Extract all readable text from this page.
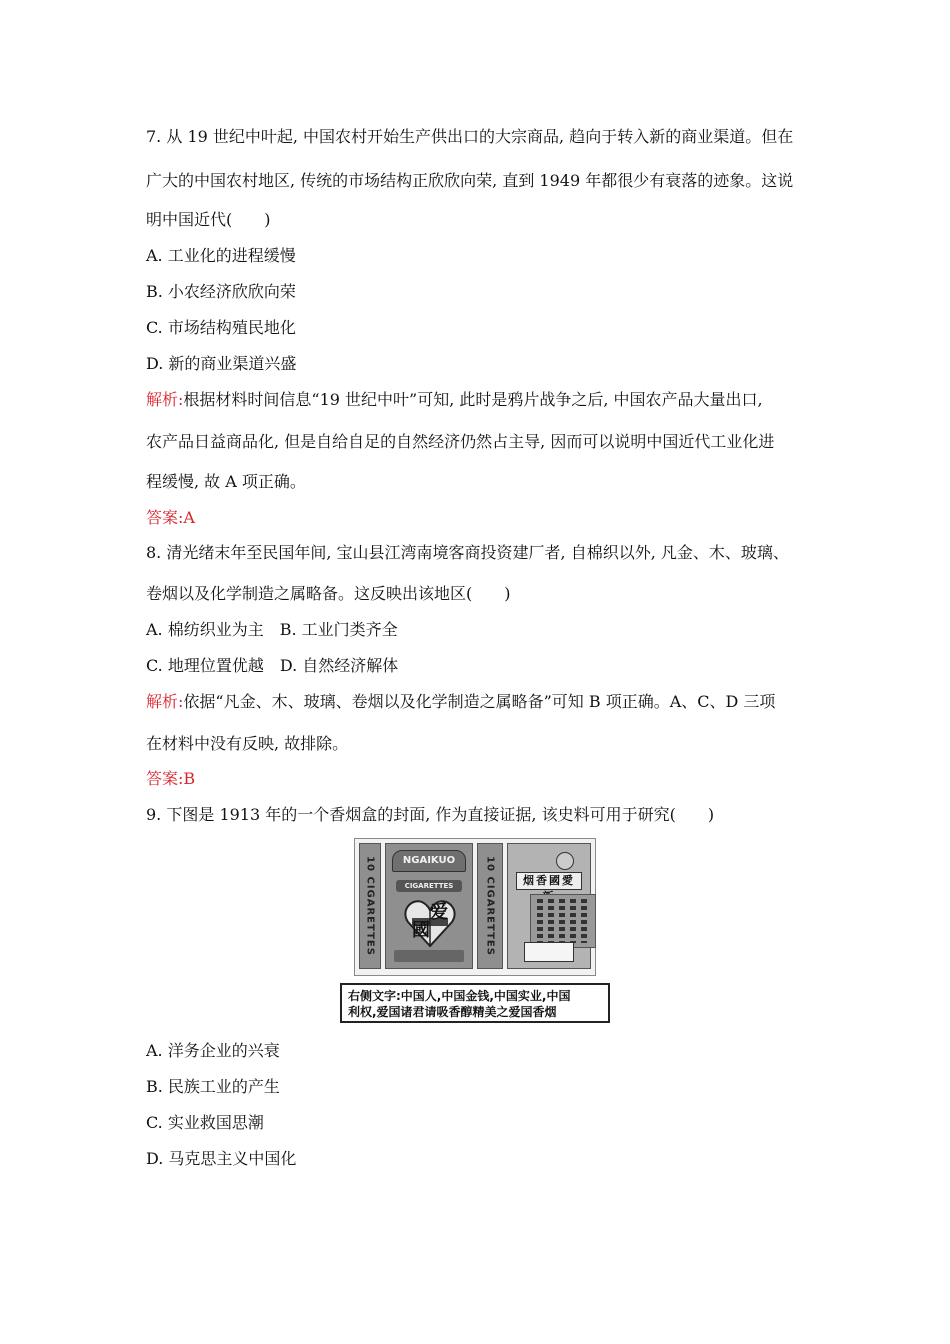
7. 从 19 世纪中叶起, 中国农村开始生产供出口的大宗商品, 趋向于转入新的商业渠道。但在
广大的中国农村地区, 传统的市场结构正欣欣向荣, 直到 1949 年都很少有衰落的迹象。这说
明中国近代(　　)
A. 工业化的进程缓慢
B. 小农经济欣欣向荣
C. 市场结构殖民地化
D. 新的商业渠道兴盛
解析:根据材料时间信息“19 世纪中叶”可知, 此时是鸦片战争之后, 中国农产品大量出口,
农产品日益商品化, 但是自给自足的自然经济仍然占主导, 因而可以说明中国近代工业化进
程缓慢, 故 A 项正确。
答案:A
8. 清光绪末年至民国年间, 宝山县江湾南境客商投资建厂者, 自棉织以外, 凡金、木、玻璃、
卷烟以及化学制造之属略备。这反映出该地区(　　)
A. 棉纺织业为主　B. 工业门类齐全
C. 地理位置优越　D. 自然经济解体
解析:依据“凡金、木、玻璃、卷烟以及化学制造之属略备”可知 B 项正确。A、C、D 三项
在材料中没有反映, 故排除。
答案:B
9. 下图是 1913 年的一个香烟盒的封面, 作为直接证据, 该史料可用于研究(　　)
10 CIGARETTES	NGAIKUO
CIGARETTES
爱
國	10 CIGARETTES	烟香國愛
右侧文字:中国人,中国金钱,中国实业,中国
利权,爱国诸君请吸香醇精美之爱国香烟
A. 洋务企业的兴衰
B. 民族工业的产生
C. 实业救国思潮
D. 马克思主义中国化
